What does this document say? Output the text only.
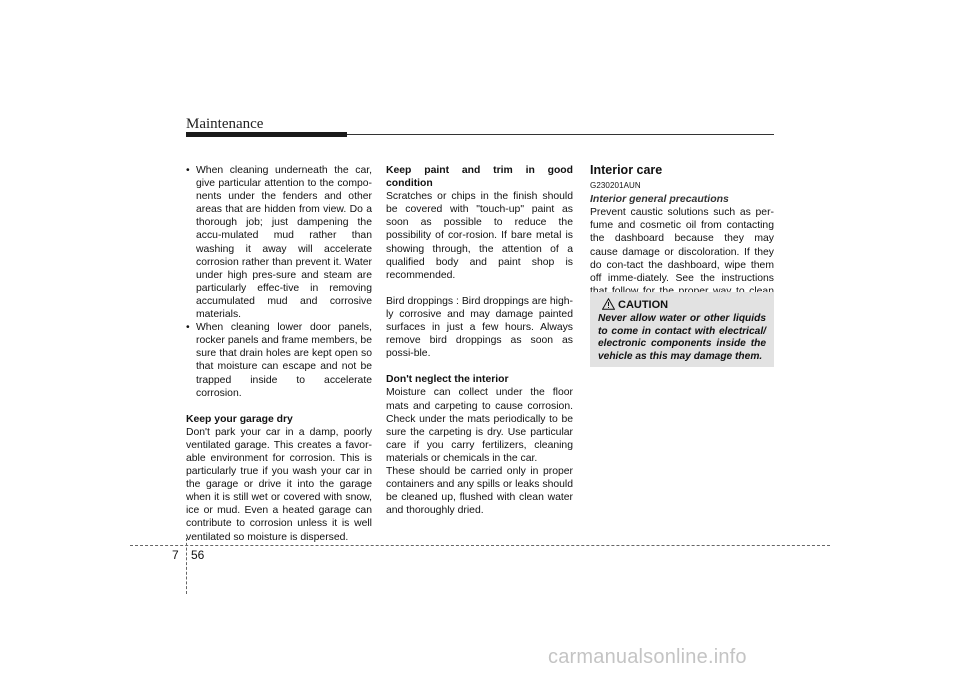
Maintenance
• When cleaning underneath the car, give particular attention to the compo-nents under the fenders and other areas that are hidden from view. Do a thorough job; just dampening the accu-mulated mud rather than washing it away will accelerate corrosion rather than prevent it. Water under high pres-sure and steam are particularly effec-tive in removing accumulated mud and corrosive materials.

• When cleaning lower door panels, rocker panels and frame members, be sure that drain holes are kept open so that moisture can escape and not be trapped inside to accelerate corrosion.

Keep your garage dry

Don't park your car in a damp, poorly ventilated garage. This creates a favor-able environment for corrosion. This is particularly true if you wash your car in the garage or drive it into the garage when it is still wet or covered with snow, ice or mud. Even a heated garage can contribute to corrosion unless it is well ventilated so moisture is dispersed.

Keep paint and trim in good condition

Scratches or chips in the finish should be covered with "touch-up" paint as soon as possible to reduce the possibility of cor-rosion. If bare metal is showing through, the attention of a qualified body and paint shop is recommended.

Bird droppings : Bird droppings are high-ly corrosive and may damage painted surfaces in just a few hours. Always remove bird droppings as soon as possi-ble.

Don't neglect the interior

Moisture can collect under the floor mats and carpeting to cause corrosion. Check under the mats periodically to be sure the carpeting is dry. Use particular care if you carry fertilizers, cleaning materials or chemicals in the car.

These should be carried only in proper containers and any spills or leaks should be cleaned up, flushed with clean water and thoroughly dried.

Interior care

G230201AUN

Interior general precautions

Prevent caustic solutions such as per-fume and cosmetic oil from contacting the dashboard because they may cause damage or discoloration. If they do con-tact the dashboard, wipe them off imme-diately. See the instructions

CAUTION
Never allow water or other liquids to come in contact with electrical/ electronic components inside the vehicle as this may damage them.
7 56
carmanualsonline.info
